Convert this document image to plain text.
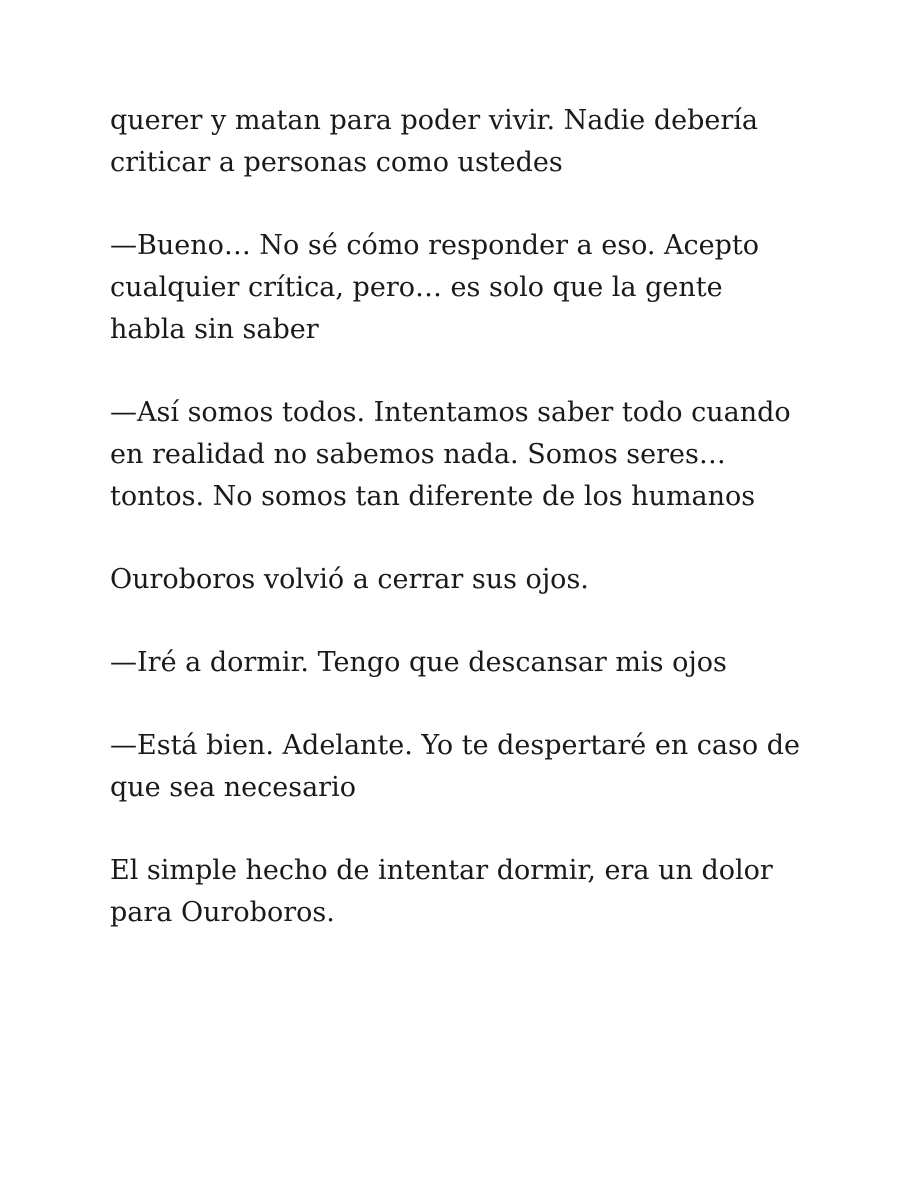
querer y matan para poder vivir. Nadie debería criticar a personas como ustedes

—Bueno… No sé cómo responder a eso. Acepto cualquier crítica, pero… es solo que la gente habla sin saber

—Así somos todos. Intentamos saber todo cuando en realidad no sabemos nada. Somos seres… tontos. No somos tan diferente de los humanos

Ouroboros volvió a cerrar sus ojos.

—Iré a dormir. Tengo que descansar mis ojos

—Está bien. Adelante. Yo te despertaré en caso de que sea necesario

El simple hecho de intentar dormir, era un dolor para Ouroboros.
